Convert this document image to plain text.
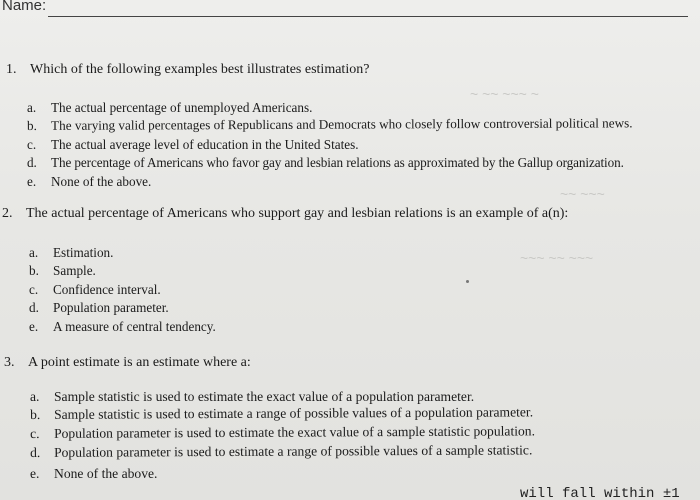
Name:
~ ~~ ~~~ ~
~~ ~~~
~~~ ~~ ~~~
1. Which of the following examples best illustrates estimation?
a. The actual percentage of unemployed Americans.
b. The varying valid percentages of Republicans and Democrats who closely follow controversial political news.
c. The actual average level of education in the United States.
d. The percentage of Americans who favor gay and lesbian relations as approximated by the Gallup organization.
e. None of the above.
2. The actual percentage of Americans who support gay and lesbian relations is an example of a(n):
a. Estimation.
b. Sample.
c. Confidence interval.
d. Population parameter.
e. A measure of central tendency.
3. A point estimate is an estimate where a:
a. Sample statistic is used to estimate the exact value of a population parameter.
b. Sample statistic is used to estimate a range of possible values of a population parameter.
c. Population parameter is used to estimate the exact value of a sample statistic population.
d. Population parameter is used to estimate a range of possible values of a sample statistic.
e. None of the above.
will fall within ±1
